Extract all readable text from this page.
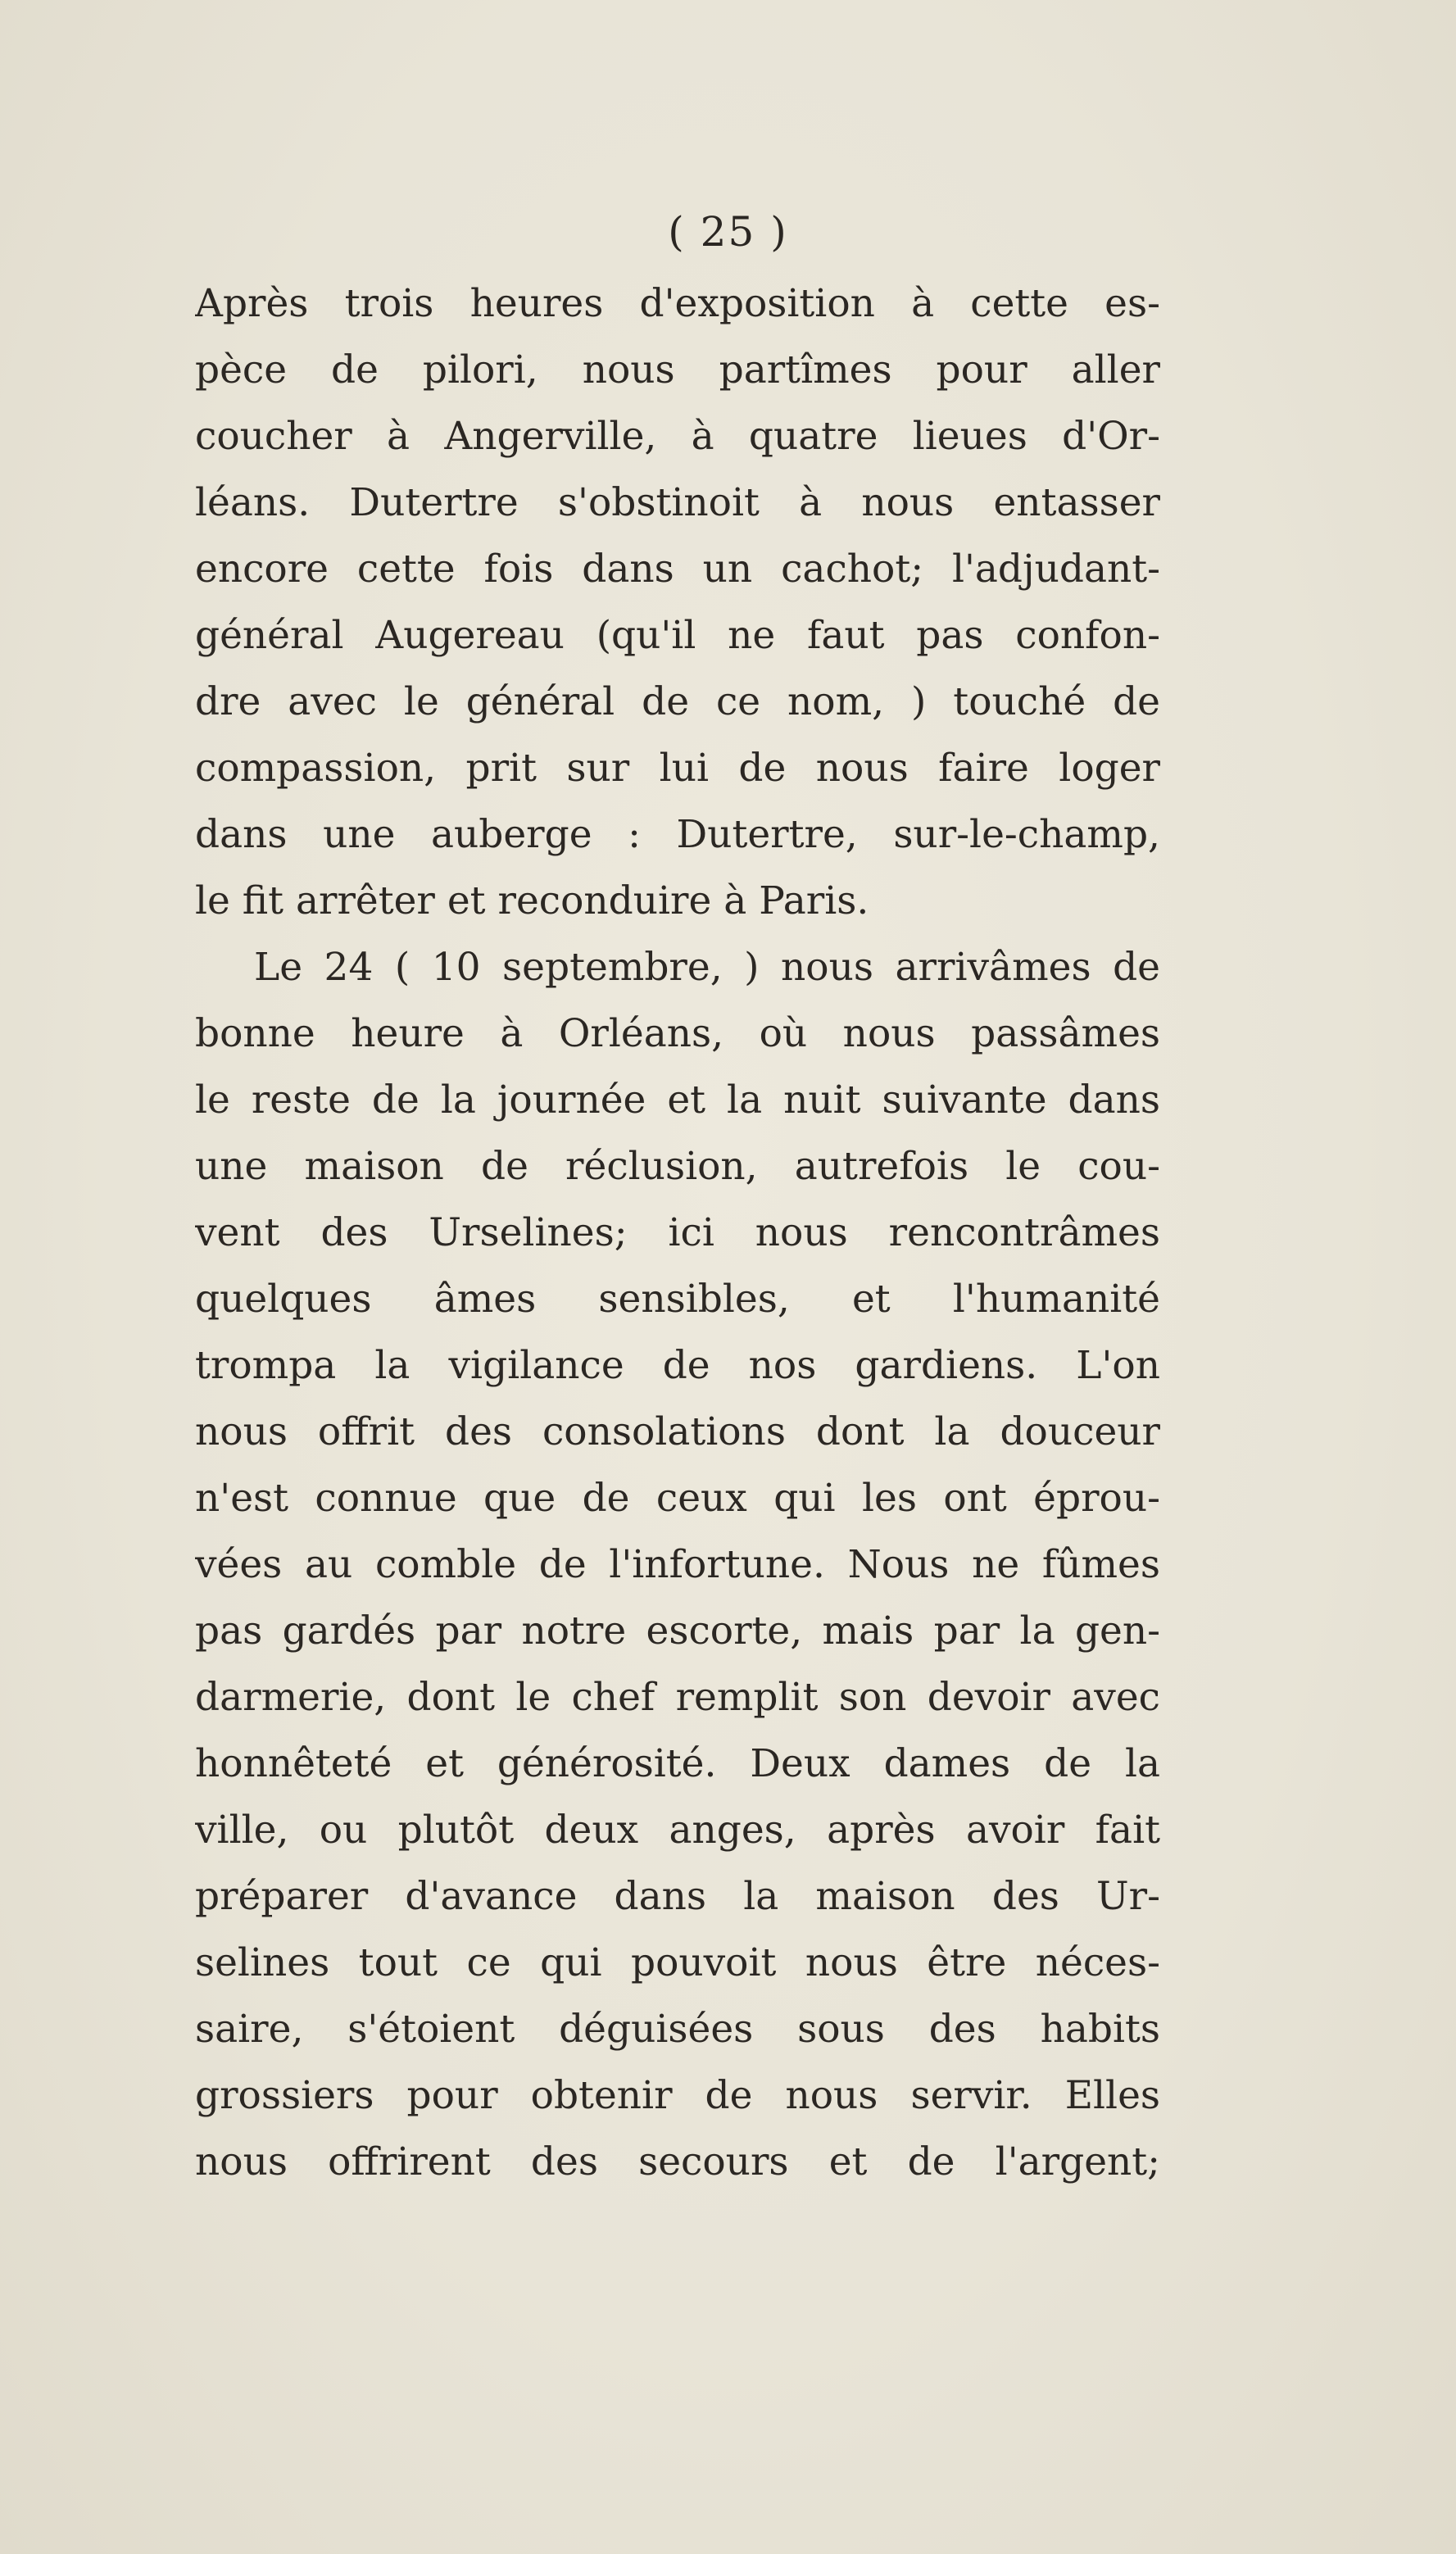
( 25 )
Après trois heures d'exposition à cette es-
pèce de pilori, nous partîmes pour aller
coucher à Angerville, à quatre lieues d'Or-
léans. Dutertre s'obstinoit à nous entasser
encore cette fois dans un cachot; l'adjudant-
général Augereau (qu'il ne faut pas confon-
dre avec le général de ce nom, ) touché de
compassion, prit sur lui de nous faire loger
dans une auberge : Dutertre, sur-le-champ,
le fit arrêter et reconduire à Paris.
Le 24 ( 10 septembre, ) nous arrivâmes de
bonne heure à Orléans, où nous passâmes
le reste de la journée et la nuit suivante dans
une maison de réclusion, autrefois le cou-
vent des Urselines; ici nous rencontrâmes
quelques âmes sensibles, et l'humanité
trompa la vigilance de nos gardiens. L'on
nous offrit des consolations dont la douceur
n'est connue que de ceux qui les ont éprou-
vées au comble de l'infortune. Nous ne fûmes
pas gardés par notre escorte, mais par la gen-
darmerie, dont le chef remplit son devoir avec
honnêteté et générosité. Deux dames de la
ville, ou plutôt deux anges, après avoir fait
préparer d'avance dans la maison des Ur-
selines tout ce qui pouvoit nous être néces-
saire, s'étoient déguisées sous des habits
grossiers pour obtenir de nous servir. Elles
nous offrirent des secours et de l'argent;
